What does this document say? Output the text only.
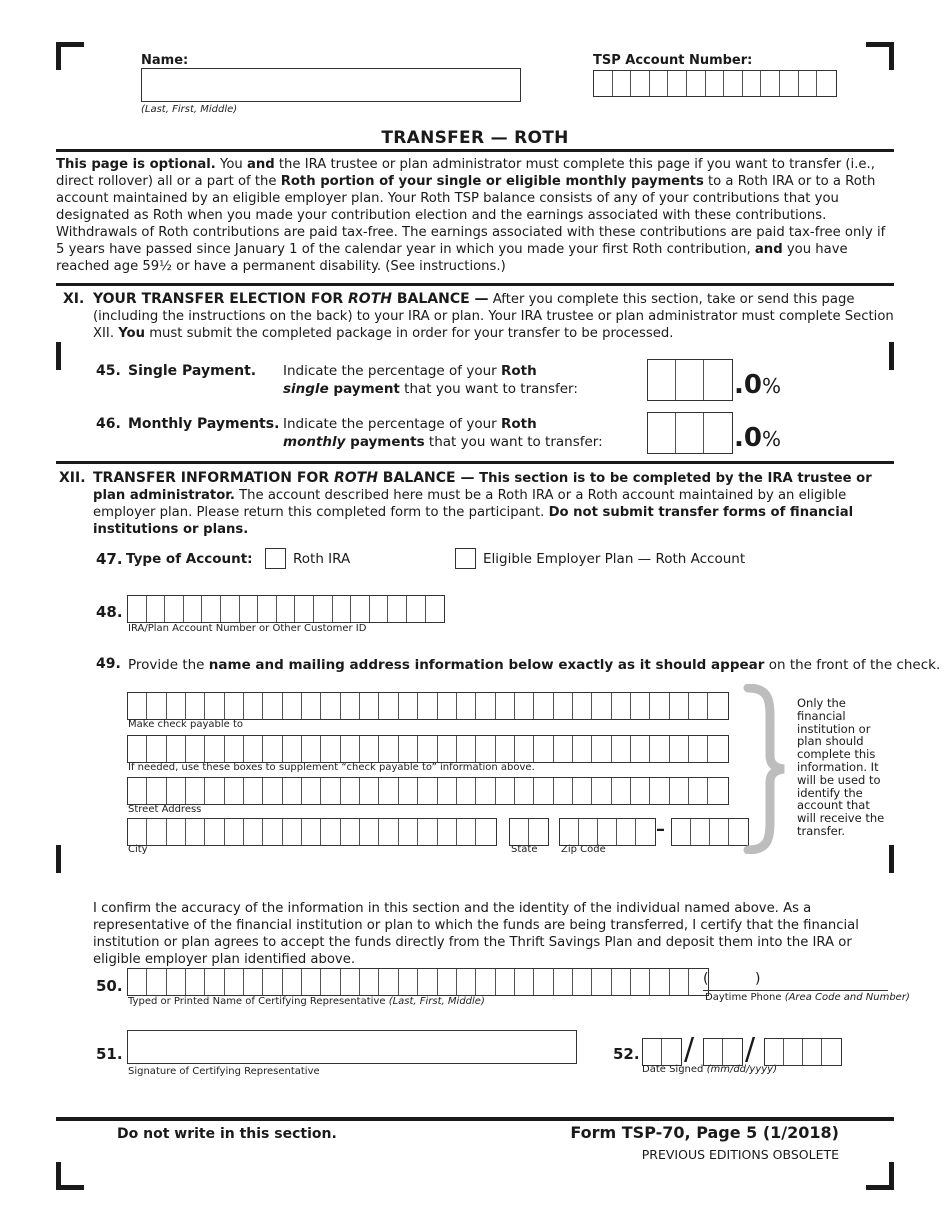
Name:
(Last, First, Middle)
TSP Account Number:
TRANSFER — ROTH
This page is optional. You and the IRA trustee or plan administrator must complete this page if you want to transfer (i.e., direct rollover) all or a part of the Roth portion of your single or eligible monthly payments to a Roth IRA or to a Roth account maintained by an eligible employer plan. Your Roth TSP balance consists of any of your contributions that you designated as Roth when you made your contribution election and the earnings associated with these contributions. Withdrawals of Roth contributions are paid tax-free. The earnings associated with these contributions are paid tax-free only if 5 years have passed since January 1 of the calendar year in which you made your first Roth contribution, and you have reached age 59½ or have a permanent disability. (See instructions.)
XI. YOUR TRANSFER ELECTION FOR ROTH BALANCE — After you complete this section, take or send this page (including the instructions on the back) to your IRA or plan. Your IRA trustee or plan administrator must complete Section XII. You must submit the completed package in order for your transfer to be processed.
45. Single Payment. Indicate the percentage of your Roth
single payment that you want to transfer:	.0%
46. Monthly Payments. Indicate the percentage of your Roth
monthly payments that you want to transfer:	.0%
XII. TRANSFER INFORMATION FOR ROTH BALANCE — This section is to be completed by the IRA trustee or plan administrator. The account described here must be a Roth IRA or a Roth account maintained by an eligible employer plan. Please return this completed form to the participant. Do not submit transfer forms of financial institutions or plans.
47. Type of Account:	Roth IRA	Eligible Employer Plan — Roth Account
48.
IRA/Plan Account Number or Other Customer ID
49. Provide the name and mailing address information below exactly as it should appear on the front of the check.
Make check payable to
If needed, use these boxes to supplement “check payable to” information above.
Street Address
City	State Zip Code
–
Only the financial institution or plan should complete this information. It will be used to identify the account that will receive the transfer.
I confirm the accuracy of the information in this section and the identity of the individual named above. As a representative of the financial institution or plan to which the funds are being transferred, I certify that the financial institution or plan agrees to accept the funds directly from the Thrift Savings Plan and deposit them into the IRA or eligible employer plan identified above.
50.
Typed or Printed Name of Certifying Representative (Last, First, Middle)
(	)
Daytime Phone (Area Code and Number)
51.
Signature of Certifying Representative
52. / /
Date Signed (mm/dd/yyyy)
Do not write in this section.	Form TSP-70, Page 5 (1/2018)
PREVIOUS EDITIONS OBSOLETE
